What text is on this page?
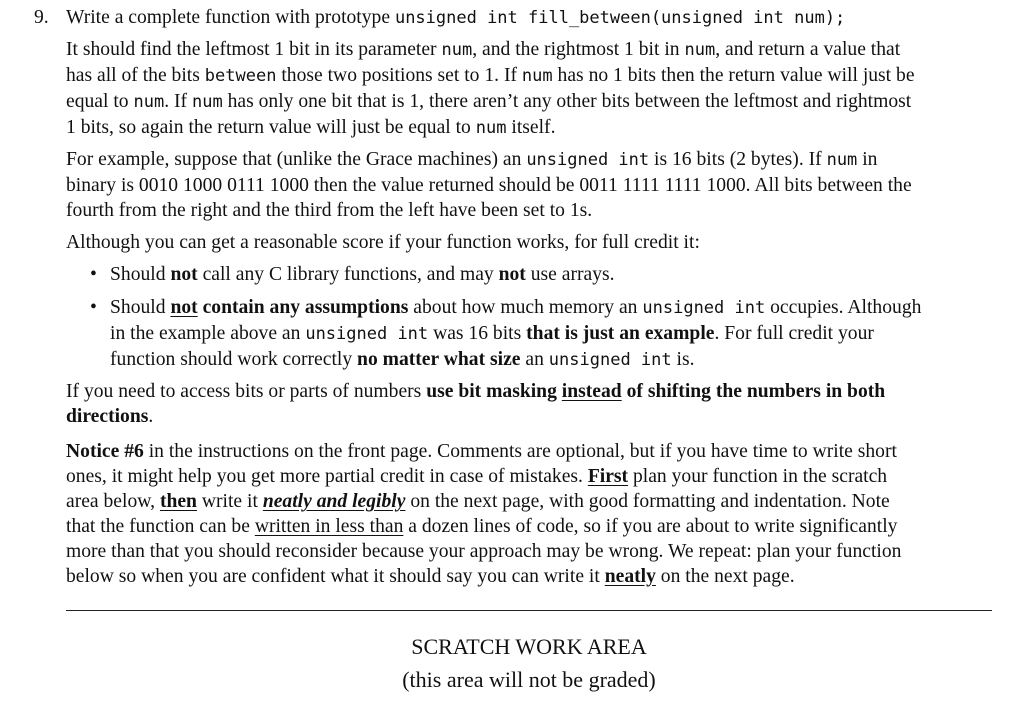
9. Write a complete function with prototype unsigned int fill_between(unsigned int num);
It should find the leftmost 1 bit in its parameter num, and the rightmost 1 bit in num, and return a value that
has all of the bits between those two positions set to 1. If num has no 1 bits then the return value will just be
equal to num. If num has only one bit that is 1, there aren’t any other bits between the leftmost and rightmost
1 bits, so again the return value will just be equal to num itself.
For example, suppose that (unlike the Grace machines) an unsigned int is 16 bits (2 bytes). If num in
binary is 0010 1000 0111 1000 then the value returned should be 0011 1111 1111 1000. All bits between the
fourth from the right and the third from the left have been set to 1s.
Although you can get a reasonable score if your function works, for full credit it:
• Should not call any C library functions, and may not use arrays.
• Should not contain any assumptions about how much memory an unsigned int occupies. Although
in the example above an unsigned int was 16 bits that is just an example. For full credit your
function should work correctly no matter what size an unsigned int is.
If you need to access bits or parts of numbers use bit masking instead of shifting the numbers in both
directions.
Notice #6 in the instructions on the front page. Comments are optional, but if you have time to write short
ones, it might help you get more partial credit in case of mistakes. First plan your function in the scratch
area below, then write it neatly and legibly on the next page, with good formatting and indentation. Note
that the function can be written in less than a dozen lines of code, so if you are about to write significantly
more than that you should reconsider because your approach may be wrong. We repeat: plan your function
below so when you are confident what it should say you can write it neatly on the next page.
SCRATCH WORK AREA
(this area will not be graded)
